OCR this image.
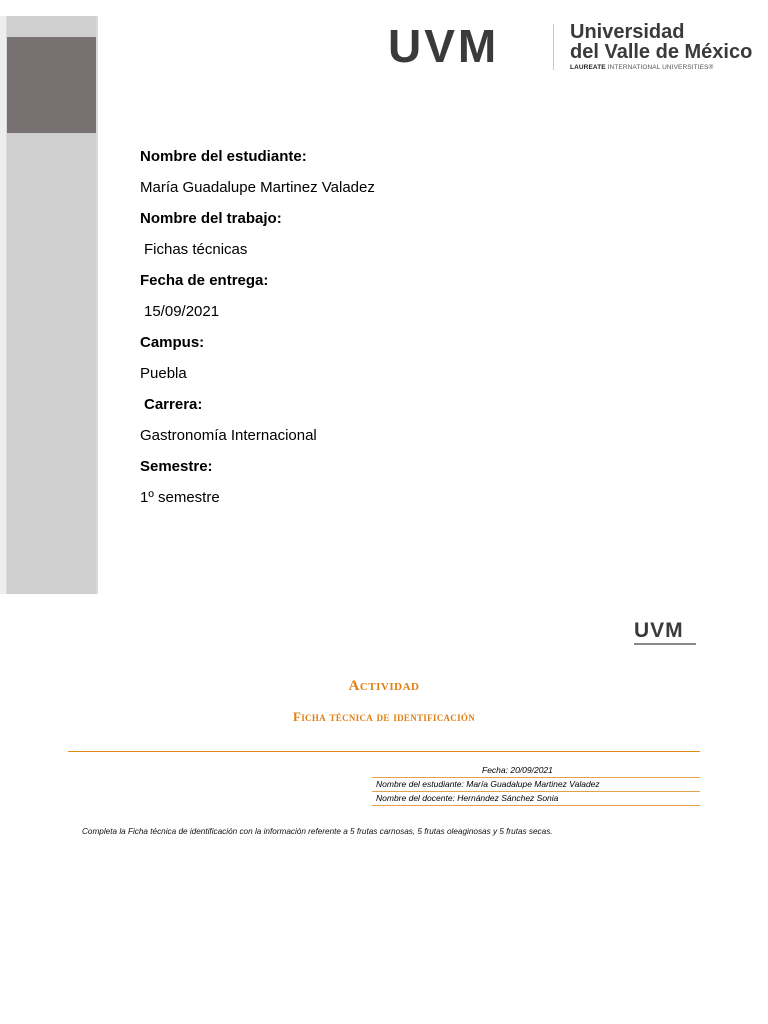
UVM	Universidad
del Valle de México
LAUREATE INTERNATIONAL UNIVERSITIES®
Nombre del estudiante:
María Guadalupe Martinez Valadez
Nombre del trabajo:
Fichas técnicas
Fecha de entrega:
15/09/2021
Campus:
Puebla
Carrera:
Gastronomía Internacional
Semestre:
1º semestre
UVM
Actividad
Ficha técnica de identificación
Fecha: 20/09/2021
Nombre del estudiante: María Guadalupe Martinez Valadez
Nombre del docente: Hernández Sánchez Sonia
Completa la Ficha técnica de identificación con la información referente a 5 frutas carnosas, 5 frutas oleaginosas y 5 frutas secas.
